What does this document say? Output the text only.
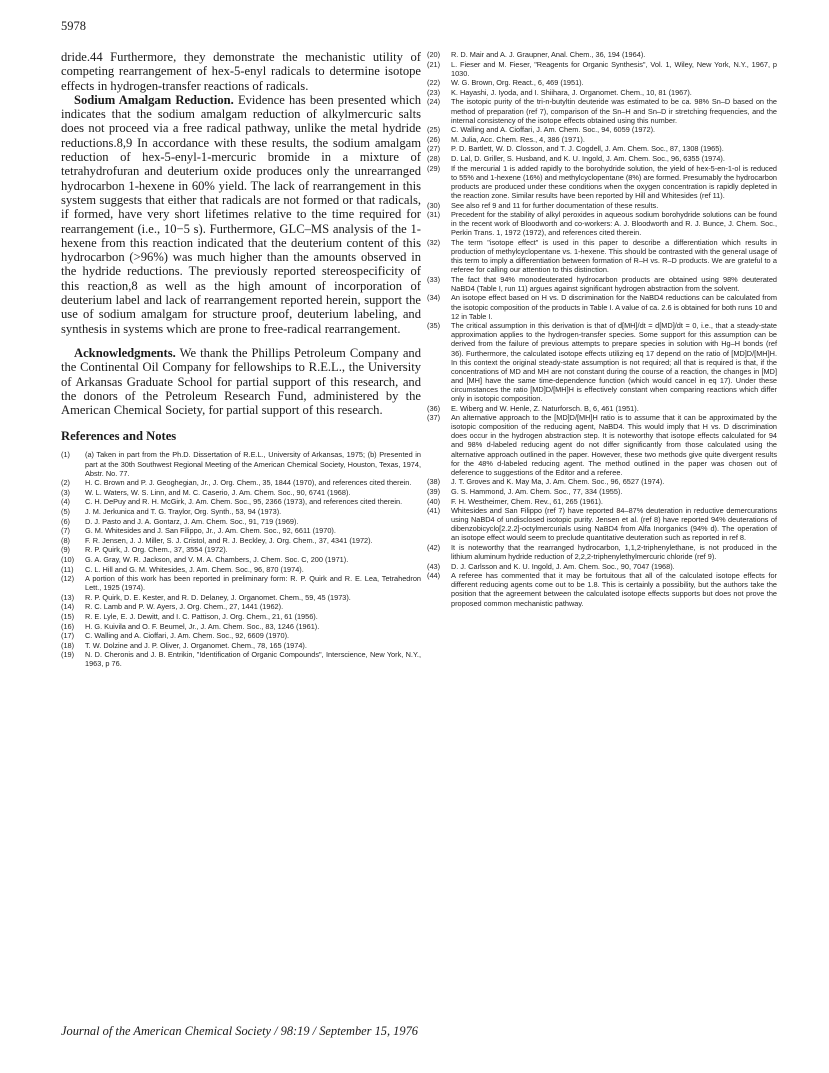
5978

dride.44 Furthermore, they demonstrate the mechanistic utility of competing rearrangement of hex-5-enyl radicals to determine isotope effects in hydrogen-transfer reactions of radicals.

Sodium Amalgam Reduction. Evidence has been presented which indicates that the sodium amalgam reduction of alkylmercuric salts does not proceed via a free radical pathway, unlike the metal hydride reductions.8,9 In accordance with these results, the sodium amalgam reduction of hex-5-enyl-1-mercuric bromide in a mixture of tetrahydrofuran and deuterium oxide produces only the unrearranged hydrocarbon 1-hexene in 60% yield. The lack of rearrangement in this system suggests that either that radicals are not formed or that radicals, if formed, have very short lifetimes relative to the time required for rearrangement (i.e., 10−5 s). Furthermore, GLC–MS analysis of the 1-hexene from this reaction indicated that the deuterium content of this hydrocarbon (>96%) was much higher than the amounts observed in the hydride reductions. The previously reported stereospecificity of this reaction,8 as well as the high amount of incorporation of deuterium label and lack of rearrangement reported herein, support the use of sodium amalgam for structure proof, deuterium labeling, and synthesis in systems which are prone to free-radical rearrangement.

Acknowledgments. We thank the Phillips Petroleum Company and the Continental Oil Company for fellowships to R.E.L., the University of Arkansas Graduate School for partial support of this research, and the donors of the Petroleum Research Fund, administered by the American Chemical Society, for partial support of this research.

References and Notes
(1) (a) Taken in part from the Ph.D. Dissertation of R.E.L., University of Arkansas, 1975; (b) Presented in part at the 30th Southwest Regional Meeting of the American Chemical Society, Houston, Texas, 1974, Abstr. No. 77.
(2) H. C. Brown and P. J. Geoghegian, Jr., J. Org. Chem., 35, 1844 (1970), and references cited therein.
(3) W. L. Waters, W. S. Linn, and M. C. Caserio, J. Am. Chem. Soc., 90, 6741 (1968).
(4) C. H. DePuy and R. H. McGirk, J. Am. Chem. Soc., 95, 2366 (1973), and references cited therein.
(5) J. M. Jerkunica and T. G. Traylor, Org. Synth., 53, 94 (1973).
(6) D. J. Pasto and J. A. Gontarz, J. Am. Chem. Soc., 91, 719 (1969).
(7) G. M. Whitesides and J. San Filippo, Jr., J. Am. Chem. Soc., 92, 6611 (1970).
(8) F. R. Jensen, J. J. Miller, S. J. Cristol, and R. J. Beckley, J. Org. Chem., 37, 4341 (1972).
(9) R. P. Quirk, J. Org. Chem., 37, 3554 (1972).
(10) G. A. Gray, W. R. Jackson, and V. M. A. Chambers, J. Chem. Soc. C, 200 (1971).
(11) C. L. Hill and G. M. Whitesides, J. Am. Chem. Soc., 96, 870 (1974).
(12) A portion of this work has been reported in preliminary form: R. P. Quirk and R. E. Lea, Tetrahedron Lett., 1925 (1974).
(13) R. P. Quirk, D. E. Kester, and R. D. Delaney, J. Organomet. Chem., 59, 45 (1973).
(14) R. C. Lamb and P. W. Ayers, J. Org. Chem., 27, 1441 (1962).
(15) R. E. Lyle, E. J. Dewitt, and I. C. Pattison, J. Org. Chem., 21, 61 (1956).
(16) H. G. Kuivila and O. F. Beumel, Jr., J. Am. Chem. Soc., 83, 1246 (1961).
(17) C. Walling and A. Cioffari, J. Am. Chem. Soc., 92, 6609 (1970).
(18) T. W. Dolzine and J. P. Oliver, J. Organomet. Chem., 78, 165 (1974).
(19) N. D. Cheronis and J. B. Entrikin, "Identification of Organic Compounds", Interscience, New York, N.Y., 1963, p 76.
(20) R. D. Mair and A. J. Graupner, Anal. Chem., 36, 194 (1964).
(21) L. Fieser and M. Fieser, "Reagents for Organic Synthesis", Vol. 1, Wiley, New York, N.Y., 1967, p 1030.
(22) W. G. Brown, Org. React., 6, 469 (1951).
(23) K. Hayashi, J. Iyoda, and I. Shiihara, J. Organomet. Chem., 10, 81 (1967).
(24) The isotopic purity of the tri-n-butyltin deuteride was estimated to be ca. 98% Sn–D based on the method of preparation (ref 7), comparison of the Sn–H and Sn–D ir stretching frequencies, and the internal consistency of the isotope effects obtained using this number.
(25) C. Walling and A. Cioffari, J. Am. Chem. Soc., 94, 6059 (1972).
(26) M. Julia, Acc. Chem. Res., 4, 386 (1971).
(27) P. D. Bartlett, W. D. Closson, and T. J. Cogdell, J. Am. Chem. Soc., 87, 1308 (1965).
(28) D. Lal, D. Griller, S. Husband, and K. U. Ingold, J. Am. Chem. Soc., 96, 6355 (1974).
(29) If the mercurial 1 is added rapidly to the borohydride solution, the yield of hex-5-en-1-ol is reduced to 55% and 1-hexene (16%) and methylcyclopentane (8%) are formed. Presumably the hydrocarbon products are produced under these conditions when the oxygen concentration is rapidly depleted in the reaction zone. Similar results have been reported by Hill and Whitesides (ref 11).
(30) See also ref 9 and 11 for further documentation of these results.
(31) Precedent for the stability of alkyl peroxides in aqueous sodium borohydride solutions can be found in the recent work of Bloodworth and co-workers: A. J. Bloodworth and R. J. Bunce, J. Chem. Soc., Perkin Trans. 1, 1972 (1972), and references cited therein.
(32) The term "isotope effect" is used in this paper to describe a differentiation which results in production of methylcyclopentane vs. 1-hexene. This should be contrasted with the general usage of this term to imply a differentiation between formation of R–H vs. R–D products. We are grateful to a referee for calling our attention to this distinction.
(33) The fact that 94% monodeuterated hydrocarbon products are obtained using 98% deuterated NaBD4 (Table I, run 11) argues against significant hydrogen abstraction from the solvent.
(34) An isotope effect based on H vs. D discrimination for the NaBD4 reductions can be calculated from the isotopic composition of the products in Table I. A value of ca. 2.6 is obtained for both runs 10 and 12 in Table I.
(35) The critical assumption in this derivation is that of d[MH]/dt = d[MD]/dt = 0, i.e., that a steady-state approximation applies to the hydrogen-transfer species. Some support for this assumption can be derived from the failure of previous attempts to prepare species in solution with Hg–H bonds (ref 36). Furthermore, the calculated isotope effects utilizing eq 17 depend on the ratio of [MD]D/[MH]H. In this context the original steady-state assumption is not required; all that is required is that, if the concentrations of MD and MH are not constant during the course of a reaction, the changes in [MD] and [MH] have the same time-dependence function (which would cancel in eq 17). Under these circumstances the ratio [MD]D/[MH]H is effectively constant when comparing reactions which differ only in isotopic composition.
(36) E. Wiberg and W. Henle, Z. Naturforsch. B, 6, 461 (1951).
(37) An alternative approach to the [MD]D/[MH]H ratio is to assume that it can be approximated by the isotopic composition of the reducing agent, NaBD4. This would imply that H vs. D discrimination does occur in the hydrogen abstraction step. It is noteworthy that isotope effects calculated for 94 and 98% d-labeled reducing agent do not differ significantly from those calculated using the alternative approach outlined in the paper. However, these two methods give quite divergent results for the 48% d-labeled reducing agent. The method outlined in the paper was chosen out of deference to suggestions of the Editor and a referee.
(38) J. T. Groves and K. May Ma, J. Am. Chem. Soc., 96, 6527 (1974).
(39) G. S. Hammond, J. Am. Chem. Soc., 77, 334 (1955).
(40) F. H. Westheimer, Chem. Rev., 61, 265 (1961).
(41) Whitesides and San Filippo (ref 7) have reported 84–87% deuteration in reductive demercurations using NaBD4 of undisclosed isotopic purity. Jensen et al. (ref 8) have reported 94% deuterations of dibenzobicyclo[2.2.2]-octylmercurials using NaBD4 from Alfa Inorganics (94% d). The operation of an isotope effect would seem to preclude quantitative deuteration such as reported in ref 8.
(42) It is noteworthy that the rearranged hydrocarbon, 1,1,2-triphenylethane, is not produced in the lithium aluminum hydride reduction of 2,2,2-triphenylethylmercuric chloride (ref 9).
(43) D. J. Carlsson and K. U. Ingold, J. Am. Chem. Soc., 90, 7047 (1968).
(44) A referee has commented that it may be fortuitous that all of the calculated isotope effects for different reducing agents come out to be 1.8. This is certainly a possibility, but the authors take the position that the agreement between the calculated isotope effects supports but does not prove the proposed common mechanistic pathway.
Journal of the American Chemical Society / 98:19 / September 15, 1976
